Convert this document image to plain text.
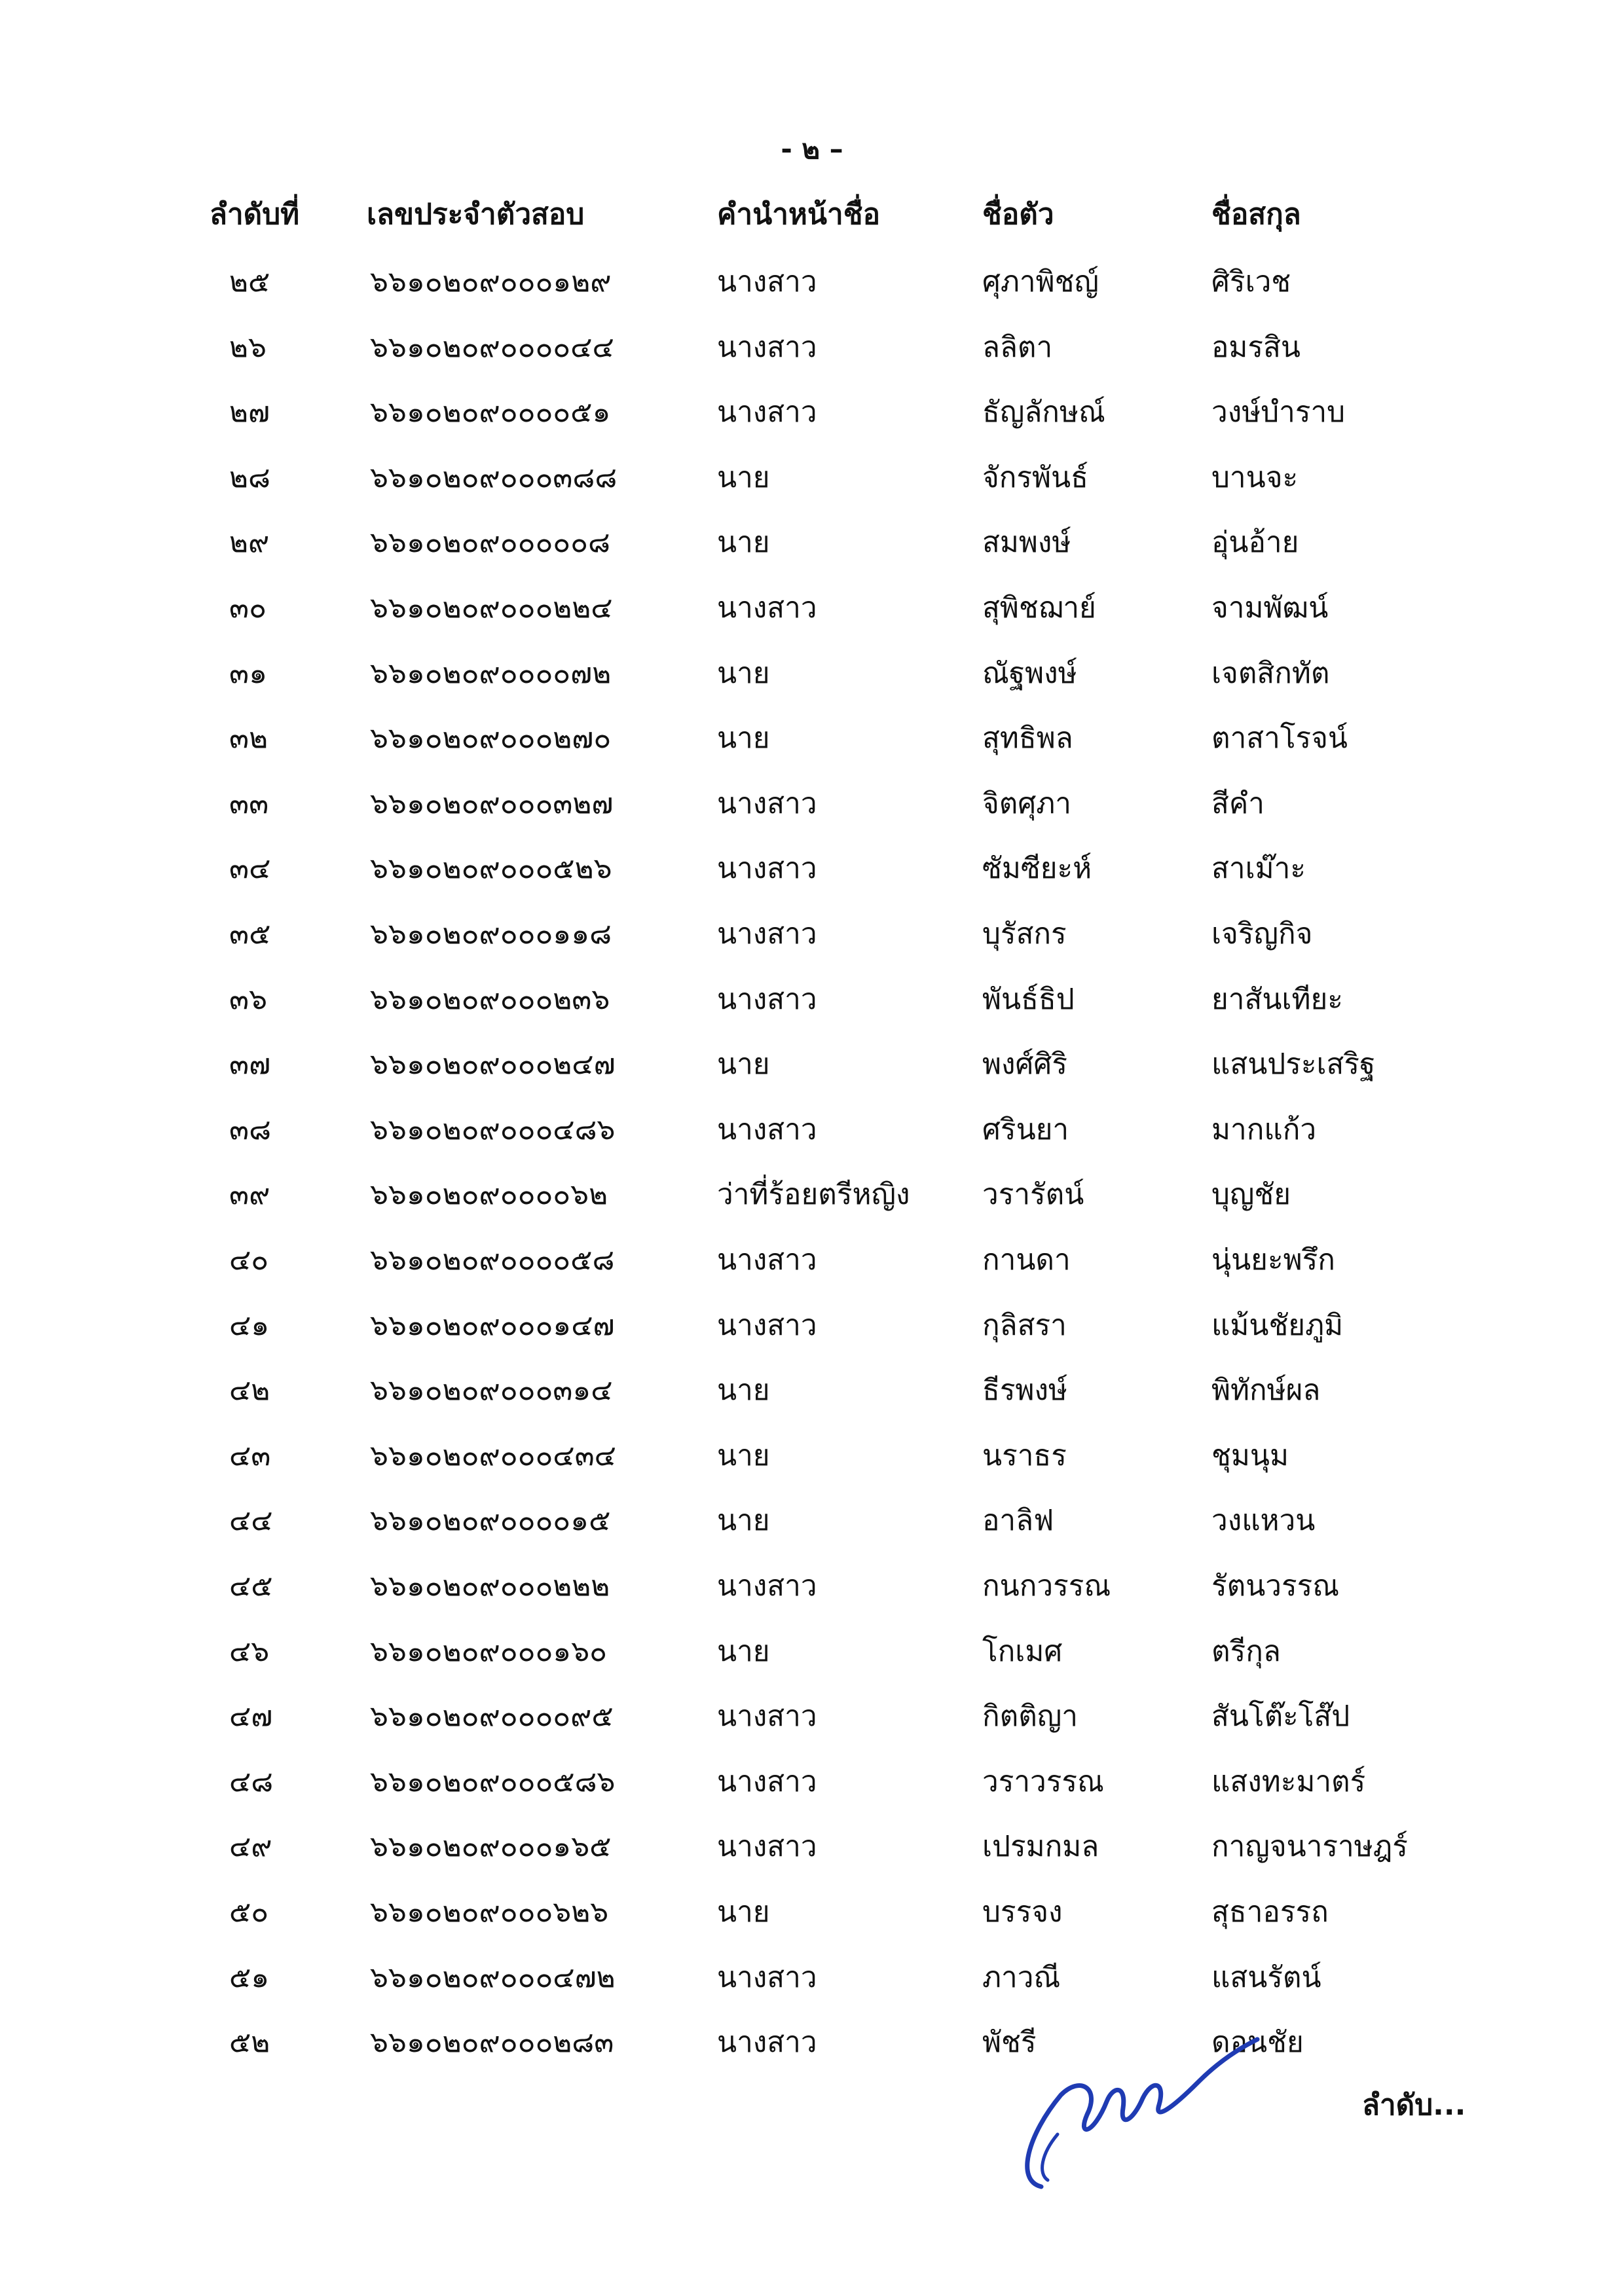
- ๒ –
ลำดับที่ เลขประจำตัวสอบ	คำนำหน้าชื่อ	ชื่อตัว	ชื่อสกุล
๒๕	๖๖๑๐๒๐๙๐๐๐๑๒๙	นางสาว	ศุภาพิชญ์	ศิริเวช
๒๖	๖๖๑๐๒๐๙๐๐๐๐๔๔	นางสาว	ลลิตา	อมรสิน
๒๗	๖๖๑๐๒๐๙๐๐๐๐๕๑	นางสาว	ธัญลักษณ์	วงษ์บำราบ
๒๘	๖๖๑๐๒๐๙๐๐๐๓๘๘	นาย	จักรพันธ์	บานจะ
๒๙	๖๖๑๐๒๐๙๐๐๐๐๐๘	นาย	สมพงษ์	อุ่นอ้าย
๓๐	๖๖๑๐๒๐๙๐๐๐๒๒๔	นางสาว	สุพิชฌาย์	จามพัฒน์
๓๑	๖๖๑๐๒๐๙๐๐๐๐๗๒	นาย	ณัฐพงษ์	เจตสิกทัต
๓๒	๖๖๑๐๒๐๙๐๐๐๒๗๐	นาย	สุทธิพล	ตาสาโรจน์
๓๓	๖๖๑๐๒๐๙๐๐๐๓๒๗	นางสาว	จิตศุภา	สีคำ
๓๔	๖๖๑๐๒๐๙๐๐๐๕๒๖	นางสาว	ซัมซียะห์	สาเม๊าะ
๓๕	๖๖๑๐๒๐๙๐๐๐๑๑๘	นางสาว	บุรัสกร	เจริญกิจ
๓๖	๖๖๑๐๒๐๙๐๐๐๒๓๖	นางสาว	พันธ์ธิป	ยาสันเทียะ
๓๗	๖๖๑๐๒๐๙๐๐๐๒๔๗	นาย	พงศ์ศิริ	แสนประเสริฐ
๓๘	๖๖๑๐๒๐๙๐๐๐๔๘๖	นางสาว	ศรินยา	มากแก้ว
๓๙	๖๖๑๐๒๐๙๐๐๐๐๖๒	ว่าที่ร้อยตรีหญิง	วรารัตน์	บุญชัย
๔๐	๖๖๑๐๒๐๙๐๐๐๐๕๘	นางสาว	กานดา	นุ่นยะพรึก
๔๑	๖๖๑๐๒๐๙๐๐๐๑๔๗	นางสาว	กุลิสรา	แม้นชัยภูมิ
๔๒	๖๖๑๐๒๐๙๐๐๐๓๑๔	นาย	ธีรพงษ์	พิทักษ์ผล
๔๓	๖๖๑๐๒๐๙๐๐๐๔๓๔	นาย	นราธร	ชุมนุม
๔๔	๖๖๑๐๒๐๙๐๐๐๐๑๕	นาย	อาลิฟ	วงแหวน
๔๕	๖๖๑๐๒๐๙๐๐๐๒๒๒	นางสาว	กนกวรรณ	รัตนวรรณ
๔๖	๖๖๑๐๒๐๙๐๐๐๑๖๐	นาย	โกเมศ	ตรีกุล
๔๗	๖๖๑๐๒๐๙๐๐๐๐๙๕	นางสาว	กิตติญา	สันโต๊ะโส๊ป
๔๘	๖๖๑๐๒๐๙๐๐๐๕๘๖	นางสาว	วราวรรณ	แสงทะมาตร์
๔๙	๖๖๑๐๒๐๙๐๐๐๑๖๕	นางสาว	เปรมกมล	กาญจนาราษฎร์
๕๐	๖๖๑๐๒๐๙๐๐๐๖๒๖	นาย	บรรจง	สุธาอรรถ
๕๑	๖๖๑๐๒๐๙๐๐๐๔๗๒	นางสาว	ภาวณี	แสนรัตน์
๕๒	๖๖๑๐๒๐๙๐๐๐๒๘๓	นางสาว	พัชรี	ดอนชัย
ลำดับ...
